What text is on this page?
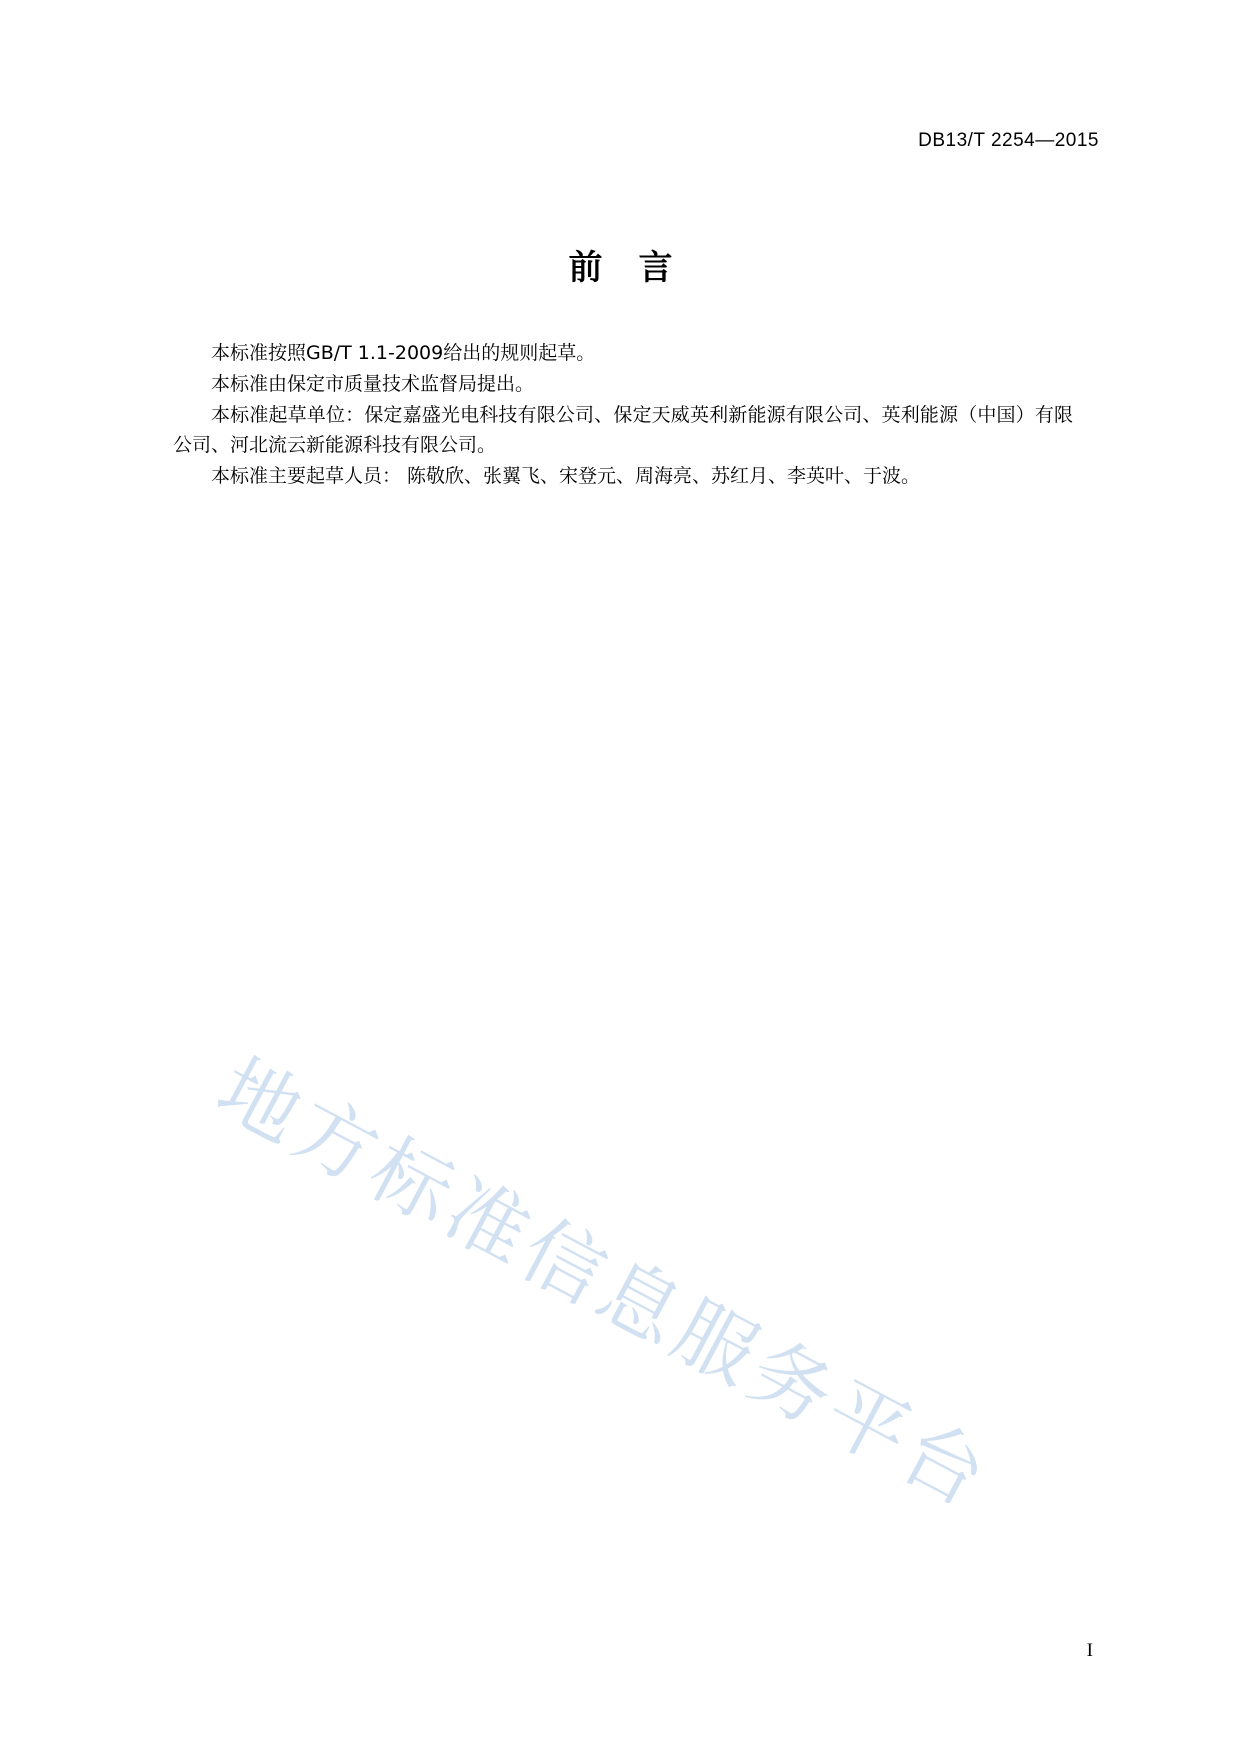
DB13/T 2254—2015
前言

本标准按照GB/T 1.1-2009给出的规则起草。

本标准由保定市质量技术监督局提出。

本标准起草单位：保定嘉盛光电科技有限公司、保定天威英利新能源有限公司、英利能源（中国）有限公司、河北流云新能源科技有限公司。

本标准主要起草人员： 陈敬欣、张翼飞、宋登元、周海亮、苏红月、李英叶、于波。

地方标准信息服务平台
I
